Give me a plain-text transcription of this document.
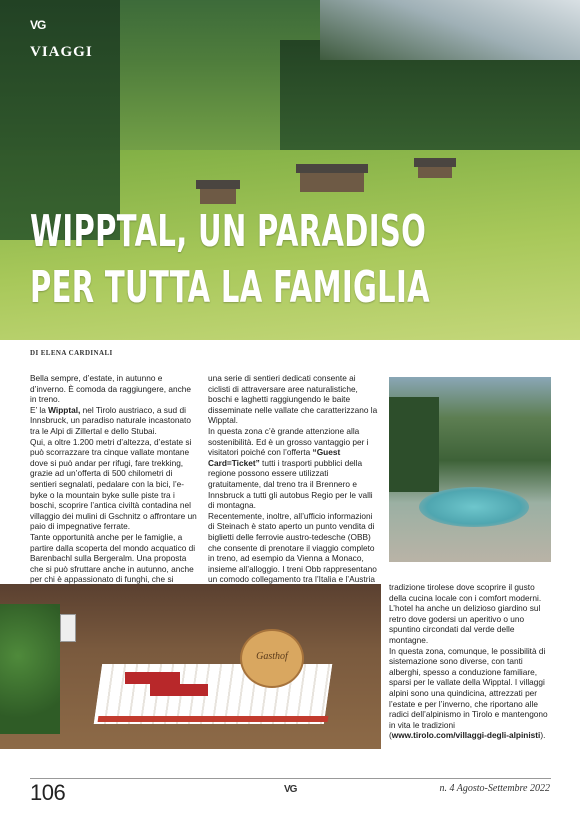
VG
VIAGGI
WIPPTAL, UN PARADISO
PER TUTTA LA FAMIGLIA
DI ELENA CARDINALI

Bella sempre, d’estate, in autunno e d’inverno. È comoda da raggiungere, anche in treno.

E’ la Wipptal, nel Tirolo austriaco, a sud di Innsbruck, un paradiso naturale incastonato tra le Alpi di Zillertal e dello Stubai.

Qui, a oltre 1.200 metri d’altezza, d’estate si può scorrazzare tra cinque vallate montane dove si può andar per rifugi, fare trekking, grazie ad un’offerta di 500 chilometri di sentieri segnalati, pedalare con la bici, l’e-byke o la mountain byke sulle piste tra i boschi, scoprire l’antica civiltà contadina nel villaggio dei mulini di Gschnitz o affrontare un paio di impegnative ferrate.

Tante opportunità anche per le famiglie, a partire dalla scoperta del mondo acquatico di Barenbachl sulla Bergeralm. Una proposta che si può sfruttare anche in autunno, anche per chi è appassionato di funghi, che si

una serie di sentieri dedicati consente ai ciclisti di attraversare aree naturalistiche, boschi e laghetti raggiungendo le baite disseminate nelle vallate che caratterizzano la Wipptal.

In questa zona c’è grande attenzione alla sostenibilità. Ed è un grosso vantaggio per i visitatori poiché con l’offerta “Guest Card=Ticket” tutti i trasporti pubblici della regione possono essere utilizzati gratuitamente, dal treno tra il Brennero e Innsbruck a tutti gli autobus Regio per le valli di montagna.

Recentemente, inoltre, all’ufficio informazioni di Steinach è stato aperto un punto vendita di biglietti delle ferrovie austro-tedesche (OBB) che consente di prenotare il viaggio completo in treno, ad esempio da Vienna a Monaco, insieme all’alloggio. I treni Obb rappresentano un comodo collegamento tra l’Italia e l’Austria

Gasthof

tradizione tirolese dove scoprire il gusto della cucina locale con i comfort moderni.

L’hotel ha anche un delizioso giardino sul retro dove godersi un aperitivo o uno spuntino circondati dal verde delle montagne.

In questa zona, comunque, le possibilità di sistemazione sono diverse, con tanti alberghi, spesso a conduzione familiare, sparsi per le vallate della Wipptal. I villaggi alpini sono una quindicina, attrezzati per l’estate e per l’inverno, che riportano alle radici dell’alpinismo in Tirolo e mantengono in vita le tradizioni (www.tirolo.com/villaggi-degli-alpinisti).

106	VG	n. 4 Agosto-Settembre 2022
